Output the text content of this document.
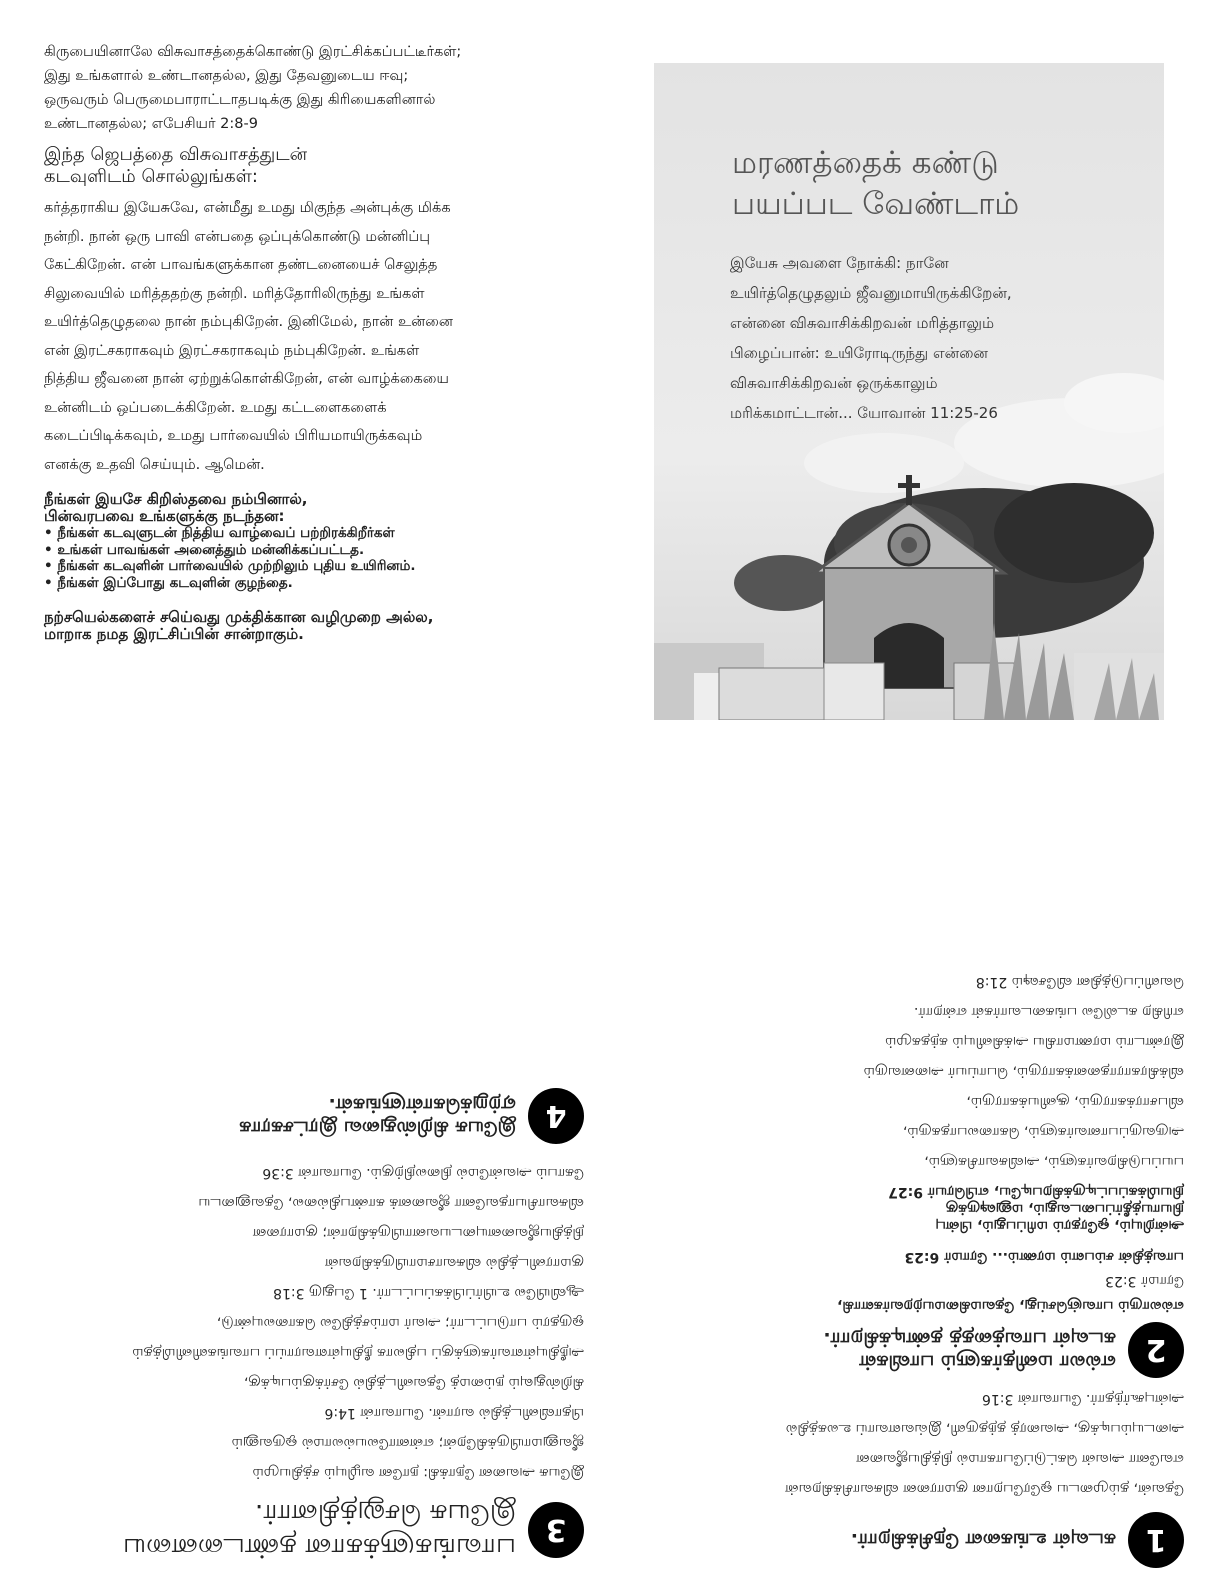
கிருபையினாலே விசுவாசத்தைக்கொண்டு இரட்சிக்கப்பட்டீர்கள்;
இது உங்களால் உண்டானதல்ல, இது தேவனுடைய ஈவு;
ஒருவரும் பெருமைபாராட்டாதபடிக்கு இது கிரியைகளினால்
உண்டானதல்ல; எபேசியர் 2:8-9
இந்த ஜெபத்தை விசுவாசத்துடன்
கடவுளிடம் சொல்லுங்கள்:
கர்த்தராகிய இயேசுவே, என்மீது உமது மிகுந்த அன்புக்கு மிக்க
நன்றி. நான் ஒரு பாவி என்பதை ஒப்புக்கொண்டு மன்னிப்பு
கேட்கிறேன். என் பாவங்களுக்கான தண்டனையைச் செலுத்த
சிலுவையில் மரித்ததற்கு நன்றி. மரித்தோரிலிருந்து உங்கள்
உயிர்த்தெழுதலை நான் நம்புகிறேன். இனிமேல், நான் உன்னை
என் இரட்சகராகவும் இரட்சகராகவும் நம்புகிறேன். உங்கள்
நித்திய ஜீவனை நான் ஏற்றுக்கொள்கிறேன், என் வாழ்க்கையை
உன்னிடம் ஒப்படைக்கிறேன். உமது கட்டளைகளைக்
கடைப்பிடிக்கவும், உமது பார்வையில் பிரியமாயிருக்கவும்
எனக்கு உதவி செய்யும். ஆமென்.
நீங்கள் இயசே கிறிஸ்தவை நம்பினால்,
பின்வரபவை உங்களுக்கு நடந்தன:
• நீங்கள் கடவுளுடன் நித்திய வாழ்வைப் பற்றிரக்கிறீர்கள்
• உங்கள் பாவங்கள் அனைத்தும் மன்னிக்கப்பட்டத.
• நீங்கள் கடவுளின் பார்வையில் முற்றிலும் புதிய உயிரினம்.
• நீங்கள் இப்போது கடவுளின் குழந்தை.
நற்சயெல்களைச் சயெ்வது முக்திக்கான வழிமுறை அல்ல,
மாறாக நமத இரட்சிப்பின் சான்றாகும்.
மரணத்தைக் கண்டு
பயப்பட வேண்டாம்
இயேசு அவளை நோக்கி: நானே
உயிர்த்தெழுதலும் ஜீவனுமாயிருக்கிறேன்,
என்னை விசுவாசிக்கிறவன் மரித்தாலும்
பிழைப்பான்: உயிரோடிருந்து என்னை
விசுவாசிக்கிறவன் ஒருக்காலும்
மரிக்கமாட்டான்... யோவான் 11:25-26
1
கடவுள் உங்களை நேசிக்கிறார்.
தேவன், தம்முடைய ஒரேபேறான குமாரனை விசுவாசிக்கிறவன்
எவனோ அவன் கெட்டுப்போகாமல் நித்தியஜீவனை
அடையும்படிக்கு, அவரைத் தந்தருளி, இவ்வளவாய் உலகத்தில்
அன்புகூர்ந்தார். யோவான் 3:16
2
எல்லா மனிதர்களும் பாவிகள்
கடவுள் பாவத்தைத் தண்டிக்கிறார்.
எல்லாரும் பாவஞ்செய்து, தேவமகிமையற்றவர்களாகி,
ரோமர் 3:23
பாவத்தின் சம்பளம் மரணம்... ரோமர் 6:23
அன்றியும், ஒரேதரம் மரிப்பதும், பின்பு
நியாயத்தீர்ப்படைவதும், மனுஷருக்கு
நியமிக்கப்பட்டிருக்கிறபடியே, எபிரெயர் 9:27
பயப்படுகிறவர்களும், அவிசுவாசிகளும்,
அருவருப்பானவர்களும், கொலைபாதகரும்,
விபசாரக்காரரும், சூனியக்காரரும்,
விக்கிரகாராதனைக்காரரும், பொய்யர் அனைவரும்
இரண்டாம் மரணமாகிய அக்கினியும் கந்தகமும்
எரிகிற கடலிலே பங்கடைவார்கள் என்றார்.
வெளிப்படுத்தின விசேஷம் 21:8
3
பாவங்களுக்கான தண்டனையை
இயேசு செலுத்தினார்.
இயேசு அவனை நோக்கி: நானே வழியும் சத்தியமும்
ஜீவனுமாயிருக்கிறேன்; என்னாலேயல்லாமல் ஒருவனும்
பிதாவினிடத்தில் வரான். யோவான் 14:6
கிறிஸ்துவும் நம்மைத் தேவனிடத்தில் சேர்க்கும்படிக்கு,
அநீதியுள்ளவர்களுக்குப் பதிலாக நீதியுள்ளவராய்ப் பாவங்களினிமித்தம்
ஒருதரம் பாடுபட்டார்; அவர் மாம்சத்திலே கொலையுண்டு,
ஆவியிலே உயிர்ப்பிக்கப்பட்டார். 1 பேதுரு 3:18
குமாரனிடத்தில் விசுவாசமாயிருக்கிறவன்
நித்தியஜீவனையுடையவனாயிருக்கிறான்; குமாரனை
விசுவாசியாதவனோ ஜீவனைக் காண்பதில்லை, தேவனுடைய
கோபம் அவன்மேல் நிலைநிற்கும். யோவான் 3:36
4
இயேசு கிறிஸ்துவை இரட்சகராக
ஏற்றுக்கொள்ளுங்கள்.
